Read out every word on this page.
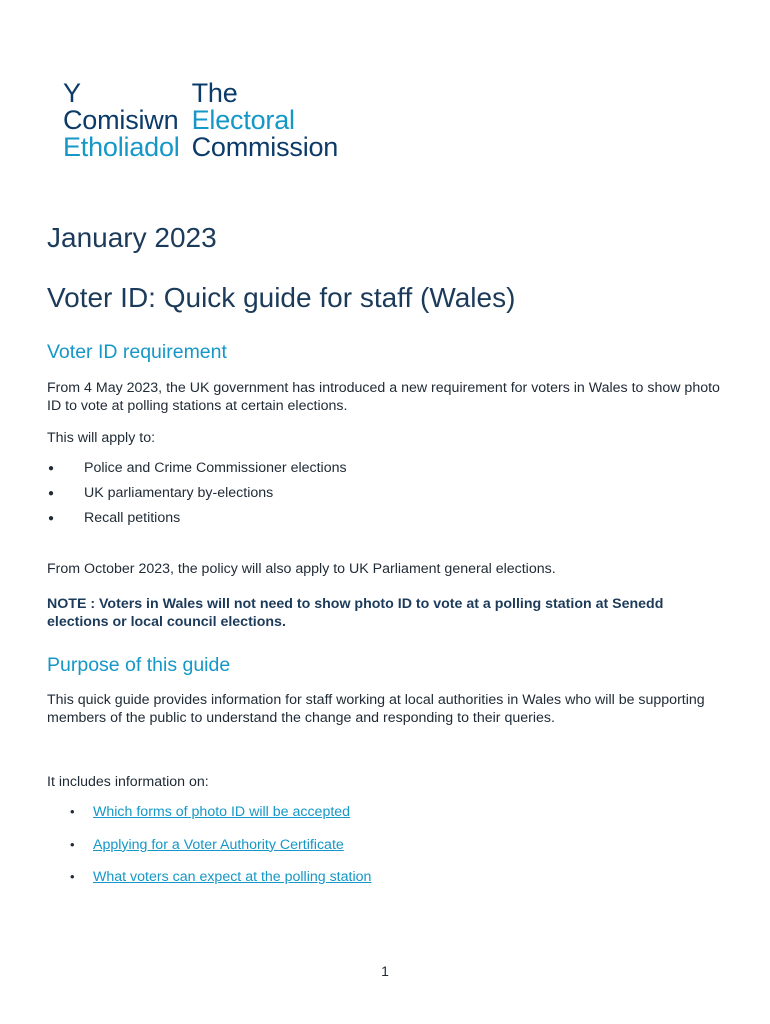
Y
Comisiwn
Etholiadol
The
Electoral
Commission
January 2023
Voter ID: Quick guide for staff (Wales)
Voter ID requirement

From 4 May 2023, the UK government has introduced a new requirement for voters in Wales to show photo ID to vote at polling stations at certain elections.

This will apply to:

● Police and Crime Commissioner elections
● UK parliamentary by-elections
● Recall petitions

From October 2023, the policy will also apply to UK Parliament general elections.

NOTE : Voters in Wales will not need to show photo ID to vote at a polling station at Senedd elections or local council elections.

Purpose of this guide

This quick guide provides information for staff working at local authorities in Wales who will be supporting members of the public to understand the change and responding to their queries.

It includes information on:

• Which forms of photo ID will be accepted
• Applying for a Voter Authority Certificate
• What voters can expect at the polling station
1
